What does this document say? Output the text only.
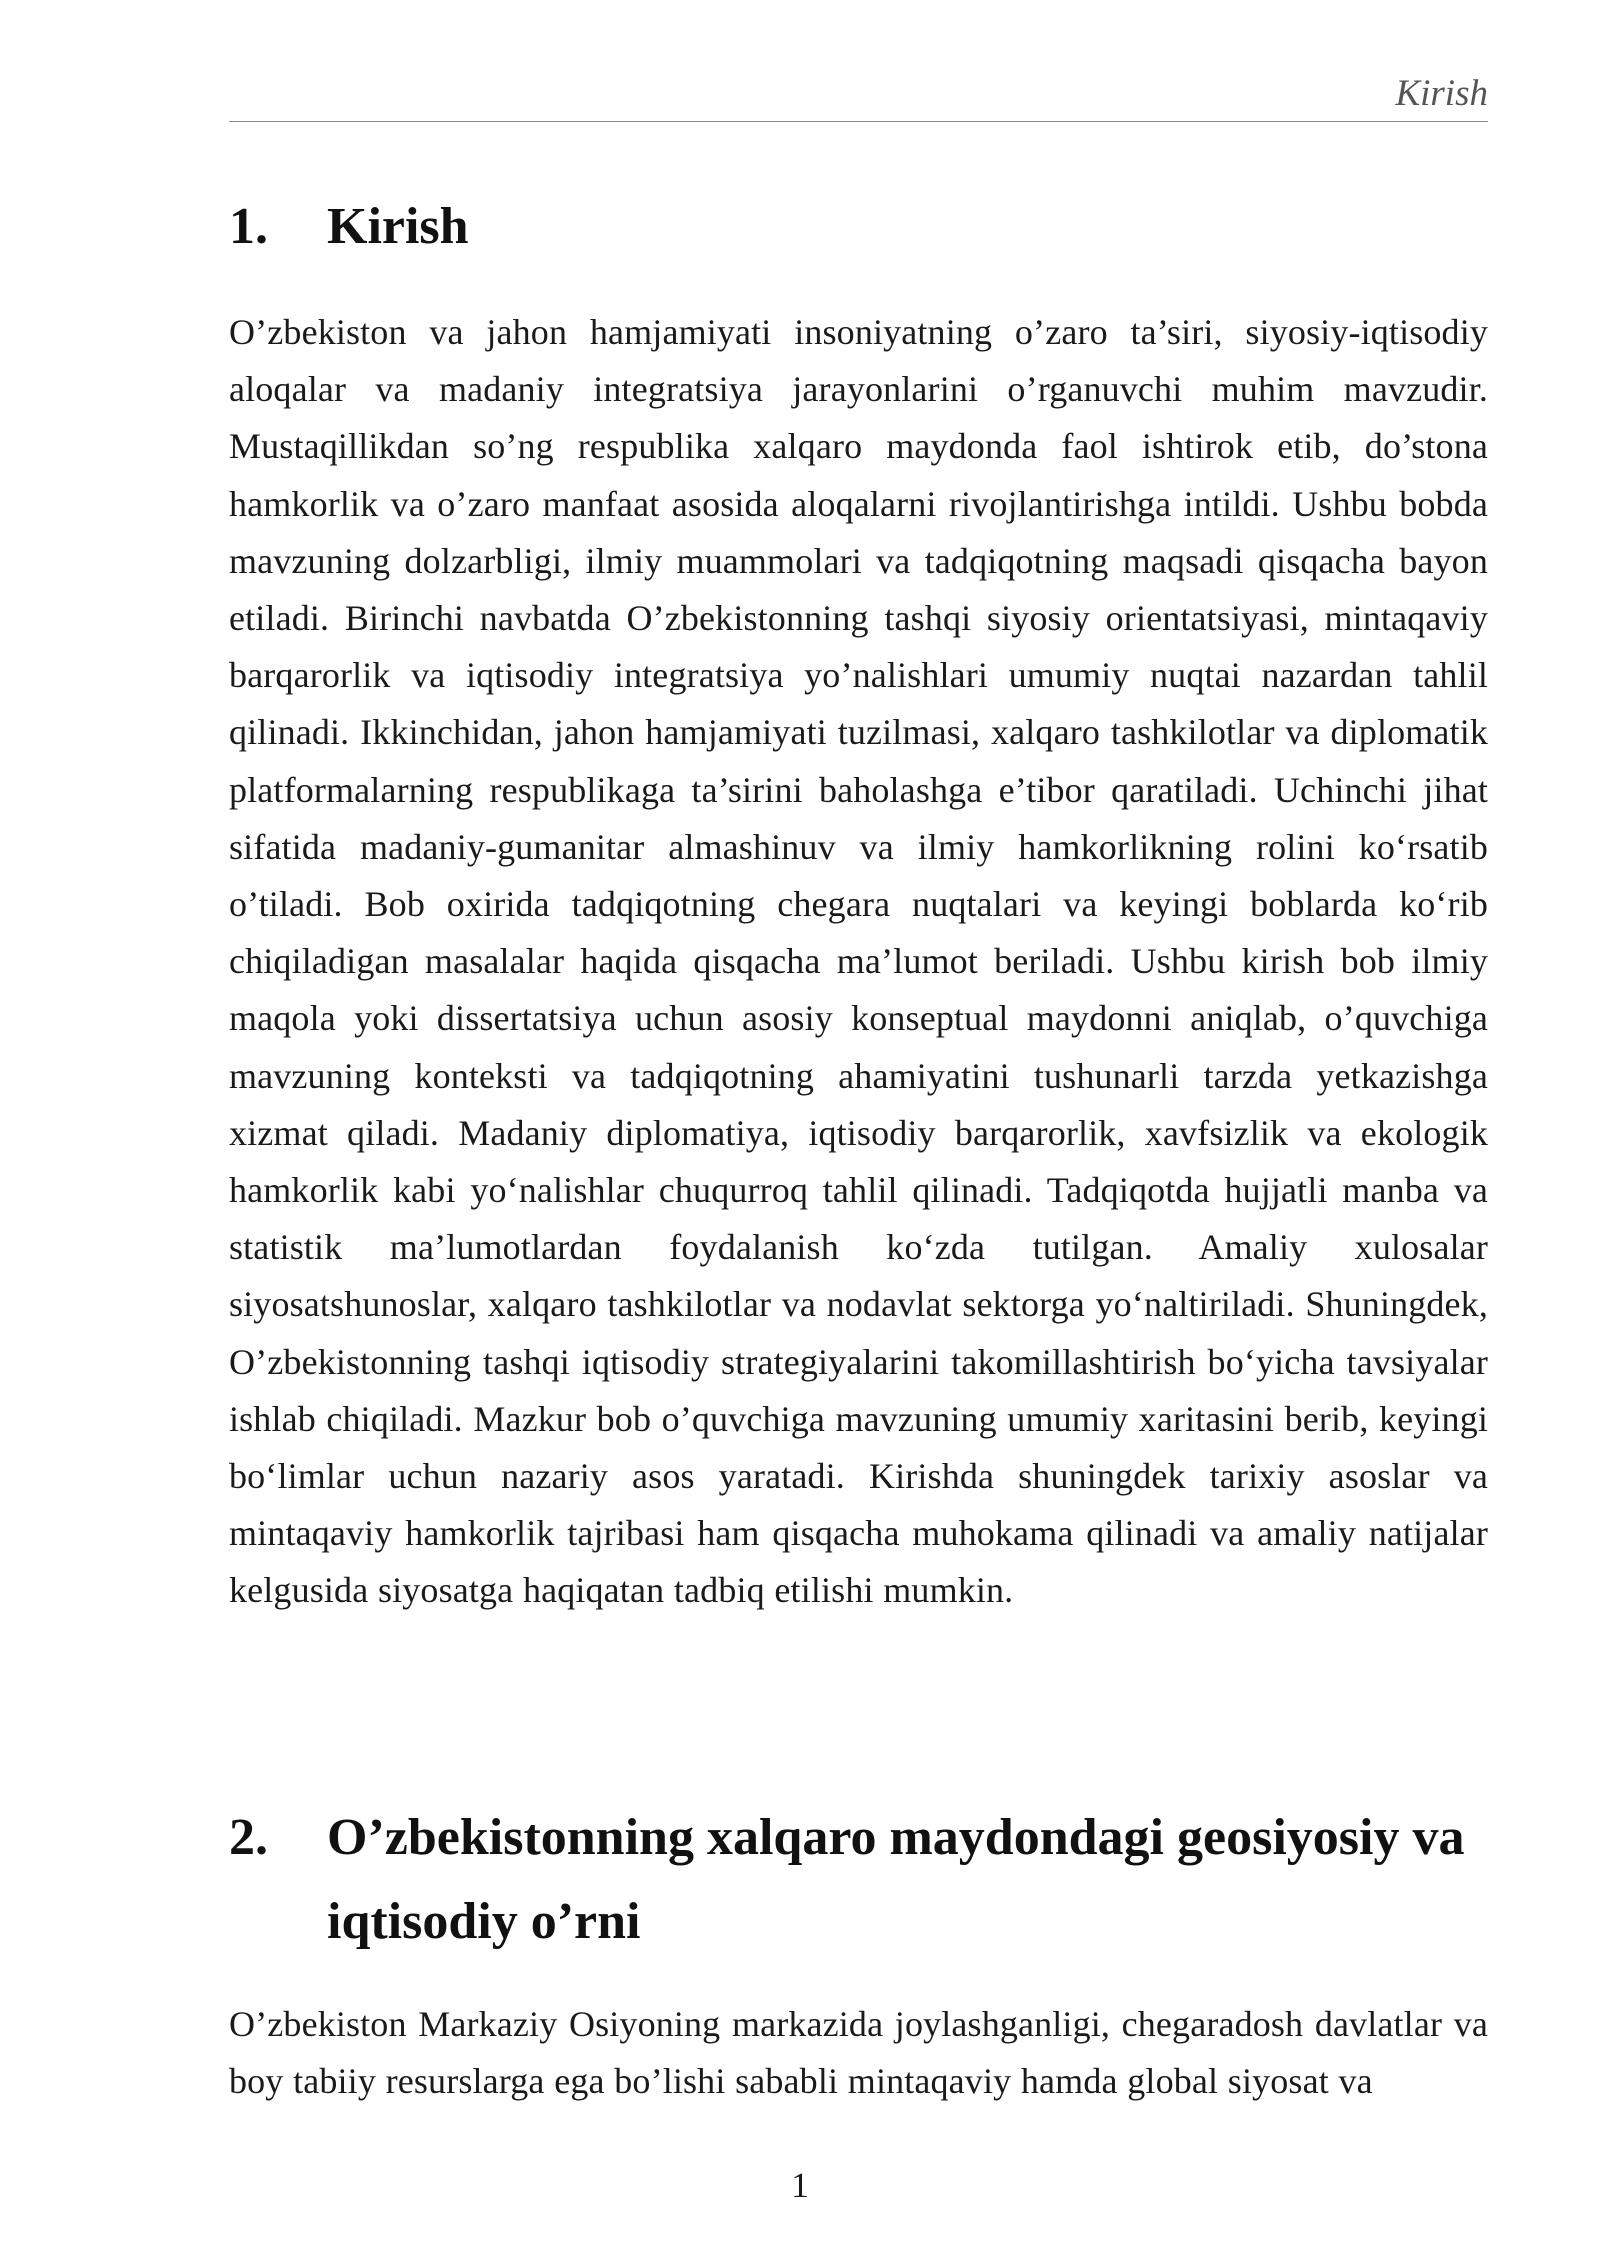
Kirish
1.	Kirish

O’zbekiston va jahon hamjamiyati insoniyatning o’zaro ta’siri, siyosiy-iqtisodiy aloqalar va madaniy integratsiya jarayonlarini o’rganuvchi muhim mavzudir. Mustaqillikdan so’ng respublika xalqaro maydonda faol ishtirok etib, do’stona hamkorlik va o’zaro manfaat asosida aloqalarni rivojlantirishga intildi. Ushbu bobda mavzuning dolzarbligi, ilmiy muammolari va tadqiqotning maqsadi qisqacha bayon etiladi. Birinchi navbatda O’zbekistonning tashqi siyosiy orientatsiyasi, mintaqaviy barqarorlik va iqtisodiy integratsiya yo’nalishlari umumiy nuqtai nazardan tahlil qilinadi. Ikkinchidan, jahon hamjamiyati tuzilmasi, xalqaro tashkilotlar va diplomatik platformalarning respublikaga ta’sirini baholashga e’tibor qaratiladi. Uchinchi jihat sifatida madaniy-gumanitar almashinuv va ilmiy hamkorlikning rolini ko‘rsatib o’tiladi. Bob oxirida tadqiqotning chegara nuqtalari va keyingi boblarda ko‘rib chiqiladigan masalalar haqida qisqacha ma’lumot beriladi. Ushbu kirish bob ilmiy maqola yoki dissertatsiya uchun asosiy konseptual maydonni aniqlab, o’quvchiga mavzuning konteksti va tadqiqotning ahamiyatini tushunarli tarzda yetkazishga xizmat qiladi. Madaniy diplomatiya, iqtisodiy barqarorlik, xavfsizlik va ekologik hamkorlik kabi yo‘nalishlar chuqurroq tahlil qilinadi. Tadqiqotda hujjatli manba va statistik ma’lumotlardan foydalanish ko‘zda tutilgan. Amaliy xulosalar siyosatshunoslar, xalqaro tashkilotlar va nodavlat sektorga yo‘naltiriladi. Shuningdek, O’zbekistonning tashqi iqtisodiy strategiyalarini takomillashtirish bo‘yicha tavsiyalar ishlab chiqiladi. Mazkur bob o’quvchiga mavzuning umumiy xaritasini berib, keyingi bo‘limlar uchun nazariy asos yaratadi. Kirishda shuningdek tarixiy asoslar va mintaqaviy hamkorlik tajribasi ham qisqacha muhokama qilinadi va amaliy natijalar kelgusida siyosatga haqiqatan tadbiq etilishi mumkin.

2.	O’zbekistonning xalqaro maydondagi geosiyosiy va iqtisodiy o’rni

O’zbekiston Markaziy Osiyoning markazida joylashganligi, chegaradosh davlatlar va boy tabiiy resurslarga ega bo’lishi sababli mintaqaviy hamda global siyosat va

1
